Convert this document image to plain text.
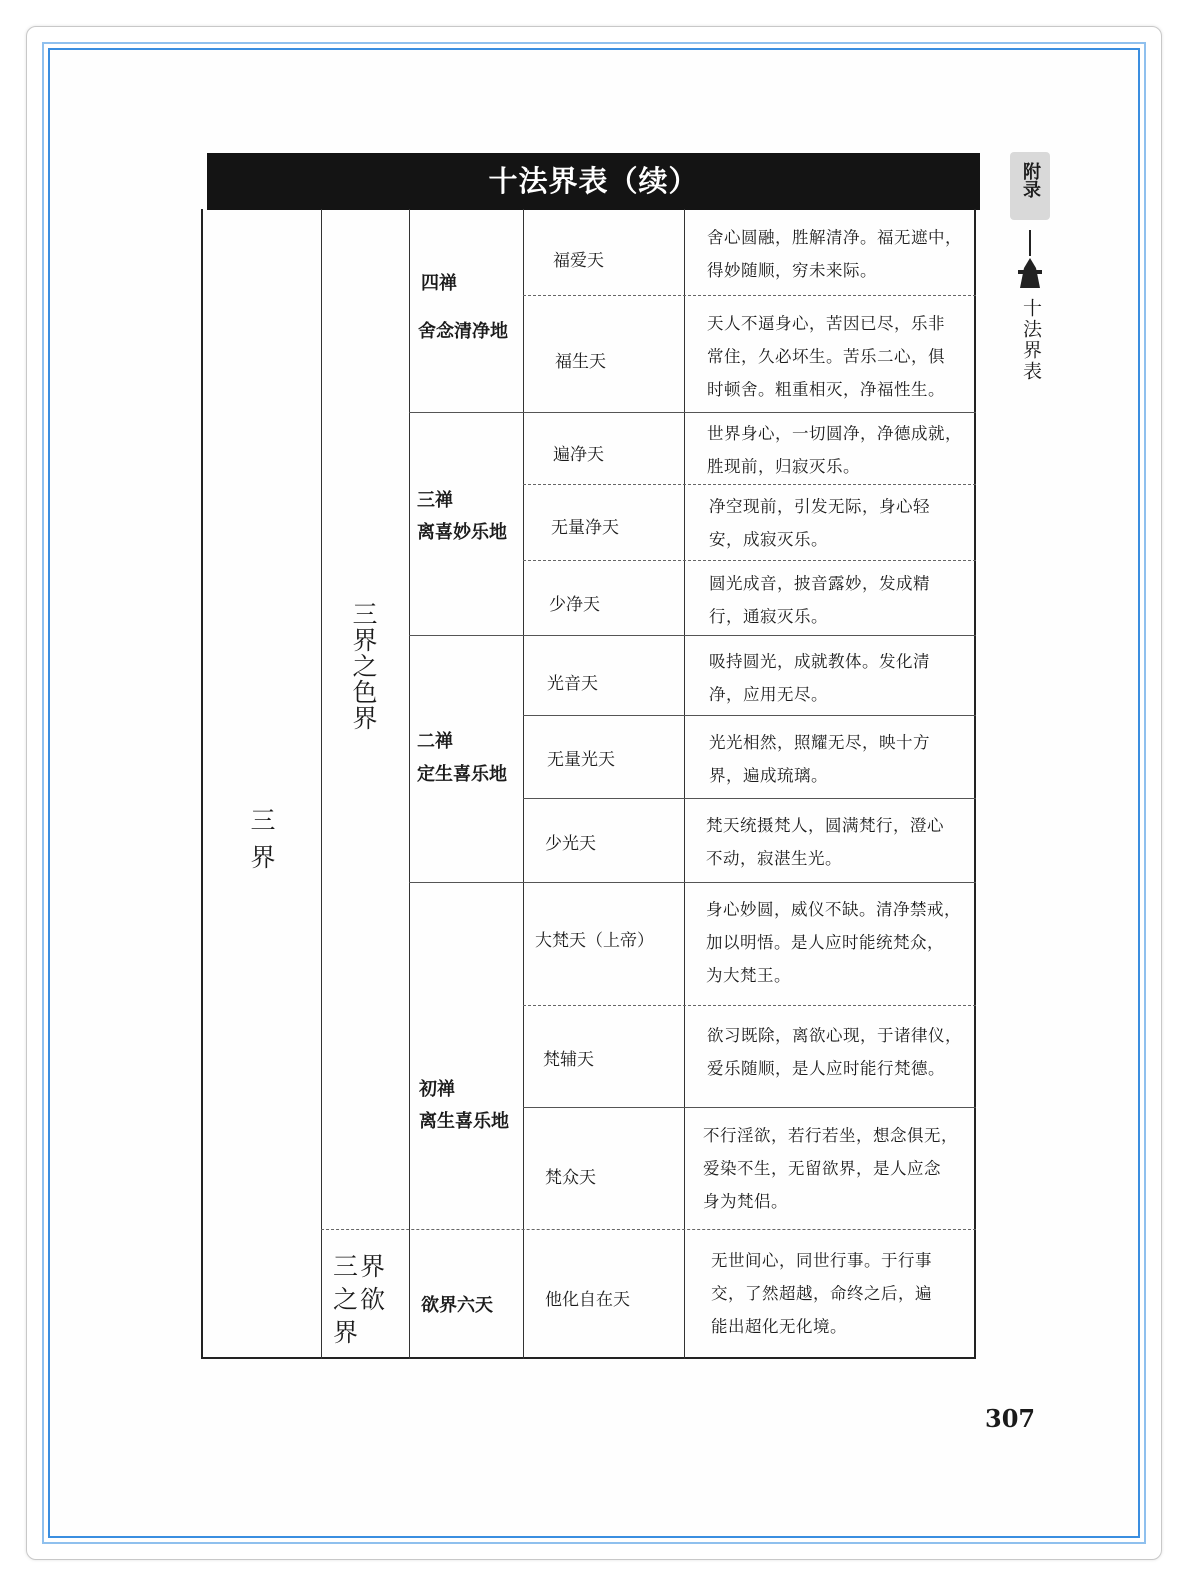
十法界表（续）	附录
十法界表
三界
三界之色界
三界
之欲界
四禅
舍念清净地
三禅
离喜妙乐地
二禅
定生喜乐地
初禅
离生喜乐地
欲界六天
福爱天
福生天
遍净天
无量净天
少净天
光音天
无量光天
少光天
大梵天（上帝）
梵辅天
梵众天
他化自在天
舍心圆融，胜解清净。福无遮中，
得妙随顺，穷未来际。
天人不逼身心，苦因已尽，乐非
常住，久必坏生。苦乐二心，俱
时顿舍。粗重相灭，净福性生。
世界身心，一切圆净，净德成就，
胜现前，归寂灭乐。
净空现前，引发无际，身心轻
安，成寂灭乐。
圆光成音，披音露妙，发成精
行，通寂灭乐。
吸持圆光，成就教体。发化清
净，应用无尽。
光光相然，照耀无尽，映十方
界，遍成琉璃。
梵天统摄梵人，圆满梵行，澄心
不动，寂湛生光。
身心妙圆，威仪不缺。清净禁戒，
加以明悟。是人应时能统梵众，
为大梵王。
欲习既除，离欲心现，于诸律仪，
爱乐随顺，是人应时能行梵德。
不行淫欲，若行若坐，想念俱无，
爱染不生，无留欲界，是人应念
身为梵侣。
无世间心，同世行事。于行事
交，了然超越，命终之后，遍
能出超化无化境。
307
